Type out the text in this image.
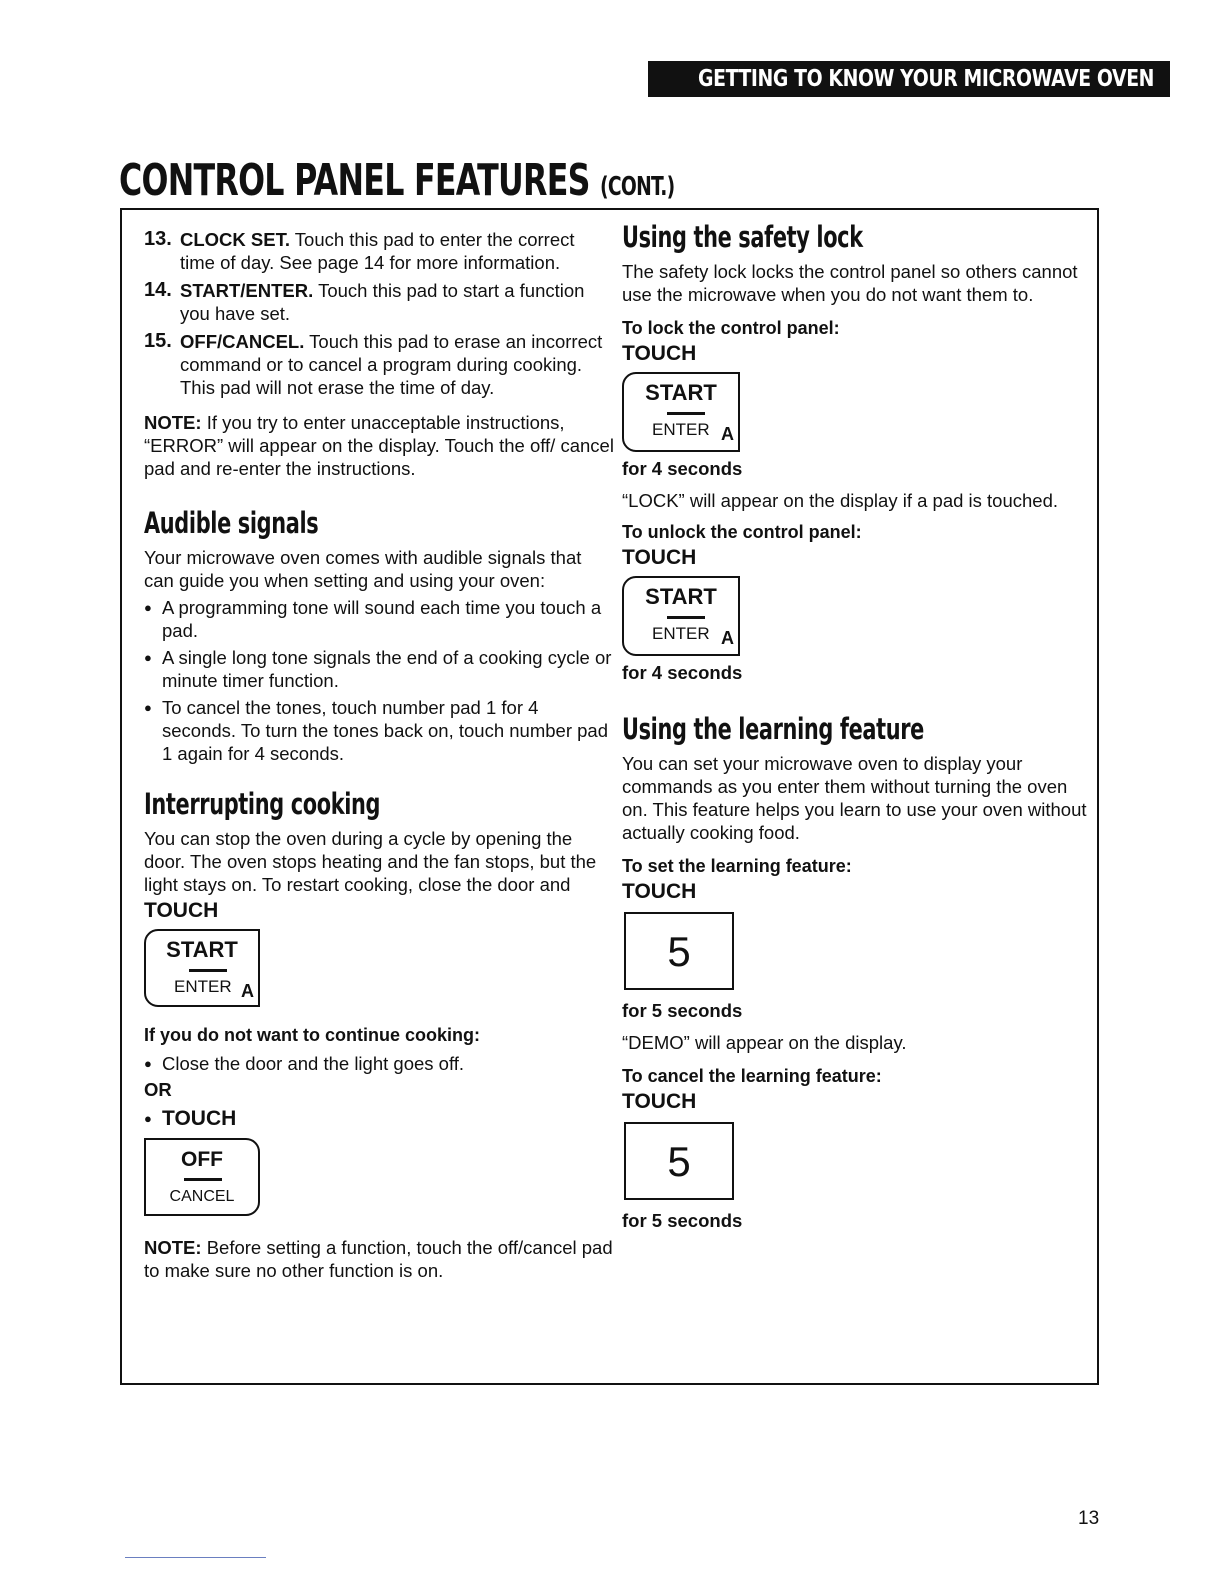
GETTING TO KNOW YOUR MICROWAVE OVEN
CONTROL PANEL FEATURES (CONT.)
13. CLOCK SET. Touch this pad to enter the correct time of day. See page 14 for more information.
14. START/ENTER. Touch this pad to start a function you have set.
15. OFF/CANCEL. Touch this pad to erase an incorrect command or to cancel a program during cooking. This pad will not erase the time of day.

NOTE: If you try to enter unacceptable instructions, “ERROR” will appear on the display. Touch the off/ cancel pad and re-enter the instructions.

Audible signals

Your microwave oven comes with audible signals that can guide you when setting and using your oven:

● A programming tone will sound each time you touch a pad.
● A single long tone signals the end of a cooking cycle or minute timer function.
● To cancel the tones, touch number pad 1 for 4 seconds. To turn the tones back on, touch number pad 1 again for 4 seconds.
Interrupting cooking

You can stop the oven during a cycle by opening the door. The oven stops heating and the fan stops, but the light stays on. To restart cooking, close the door and

TOUCH
START
ENTER A
If you do not want to continue cooking:
● Close the door and the light goes off.
OR
● TOUCH
OFF
CANCEL

NOTE: Before setting a function, touch the off/cancel pad to make sure no other function is on.

Using the safety lock

The safety lock locks the control panel so others cannot use the microwave when you do not want them to.

To lock the control panel:
TOUCH
START
ENTER A
for 4 seconds

“LOCK” will appear on the display if a pad is touched.

To unlock the control panel:
TOUCH
START
ENTER A
for 4 seconds
Using the learning feature

You can set your microwave oven to display your commands as you enter them without turning the oven on. This feature helps you learn to use your oven without actually cooking food.

To set the learning feature:
TOUCH
5
for 5 seconds

“DEMO” will appear on the display.

To cancel the learning feature:
TOUCH
5
for 5 seconds
13
